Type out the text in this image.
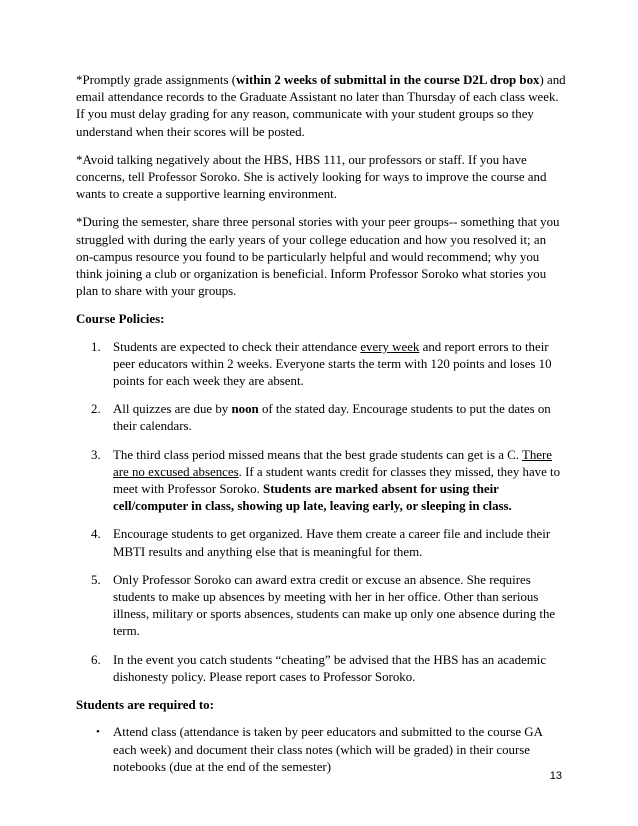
*Promptly grade assignments (within 2 weeks of submittal in the course D2L drop box) and email attendance records to the Graduate Assistant no later than Thursday of each class week. If you must delay grading for any reason, communicate with your student groups so they understand when their scores will be posted.

*Avoid talking negatively about the HBS, HBS 111, our professors or staff. If you have concerns, tell Professor Soroko. She is actively looking for ways to improve the course and wants to create a supportive learning environment.

*During the semester, share three personal stories with your peer groups-- something that you struggled with during the early years of your college education and how you resolved it; an on-campus resource you found to be particularly helpful and would recommend; why you think joining a club or organization is beneficial. Inform Professor Soroko what stories you plan to share with your groups.

Course Policies:
1. Students are expected to check their attendance every week and report errors to their peer educators within 2 weeks. Everyone starts the term with 120 points and loses 10 points for each week they are absent.
2. All quizzes are due by noon of the stated day. Encourage students to put the dates on their calendars.
3. The third class period missed means that the best grade students can get is a C. There are no excused absences. If a student wants credit for classes they missed, they have to meet with Professor Soroko. Students are marked absent for using their cell/computer in class, showing up late, leaving early, or sleeping in class.
4. Encourage students to get organized. Have them create a career file and include their MBTI results and anything else that is meaningful for them.
5. Only Professor Soroko can award extra credit or excuse an absence. She requires students to make up absences by meeting with her in her office. Other than serious illness, military or sports absences, students can make up only one absence during the term.
6. In the event you catch students “cheating” be advised that the HBS has an academic dishonesty policy. Please report cases to Professor Soroko.
Students are required to:
• Attend class (attendance is taken by peer educators and submitted to the course GA each week) and document their class notes (which will be graded) in their course notebooks (due at the end of the semester)
13
